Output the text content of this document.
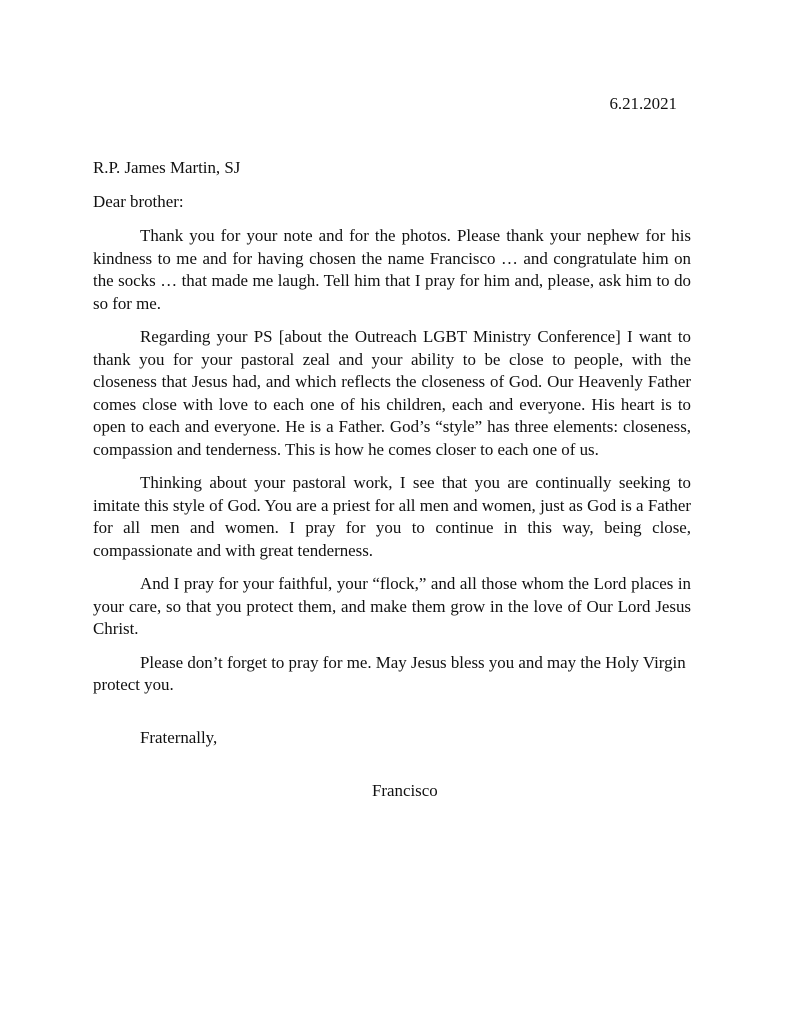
6.21.2021
R.P. James Martin, SJ
Dear brother:

Thank you for your note and for the photos. Please thank your nephew for his kindness to me and for having chosen the name Francisco … and congratulate him on the socks … that made me laugh. Tell him that I pray for him and, please, ask him to do so for me.

Regarding your PS [about the Outreach LGBT Ministry Conference] I want to thank you for your pastoral zeal and your ability to be close to people, with the closeness that Jesus had, and which reflects the closeness of God. Our Heavenly Father comes close with love to each one of his children, each and everyone. His heart is to open to each and everyone. He is a Father. God’s “style” has three elements: closeness, compassion and tenderness. This is how he comes closer to each one of us.

Thinking about your pastoral work, I see that you are continually seeking to imitate this style of God. You are a priest for all men and women, just as God is a Father for all men and women. I pray for you to continue in this way, being close, compassionate and with great tenderness.

And I pray for your faithful, your “flock,” and all those whom the Lord places in your care, so that you protect them, and make them grow in the love of Our Lord Jesus Christ.

Please don’t forget to pray for me. May Jesus bless you and may the Holy Virgin protect you.

Fraternally,
Francisco
